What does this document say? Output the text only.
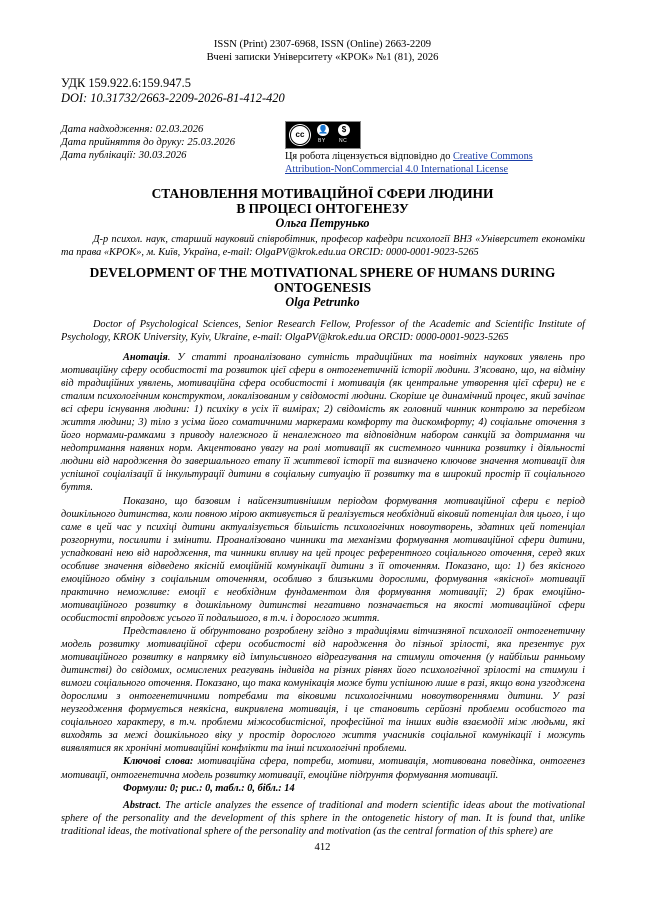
ISSN (Print) 2307-6968, ISSN (Online) 2663-2209
Вчені записки Університету «КРОК» №1 (81), 2026
УДК 159.922.6:159.947.5
DOI: 10.31732/2663-2209-2026-81-412-420
Дата надходження: 02.03.2026
Дата прийняття до друку: 25.03.2026
Дата публікації: 30.03.2026
cc
👤	$
BY	NC
Ця робота ліцензується відповідно до Creative Commons
Attribution-NonCommercial 4.0 International License
СТАНОВЛЕННЯ МОТИВАЦІЙНОЇ СФЕРИ ЛЮДИНИ
В ПРОЦЕСІ ОНТОГЕНЕЗУ
Ольга Петрунько
Д-р психол. наук, старший науковий співробітник, професор кафедри психології ВНЗ «Університет економіки та права «КРОК», м. Київ, Україна, e-mail: OlgaPV@krok.edu.ua ORCID: 0000-0001-9023-5265
DEVELOPMENT OF THE MOTIVATIONAL SPHERE OF HUMANS DURING
ONTOGENESIS
Olga Petrunko
Doctor of Psychological Sciences, Senior Research Fellow, Professor of the Academic and Scientific Institute of Psychology, KROK University, Kyiv, Ukraine, e-mail: OlgaPV@krok.edu.ua ORCID: 0000-0001-9023-5265

Анотація. У статті проаналізовано сутність традиційних та новітніх наукових уявлень про мотиваційну сферу особистості та розвиток цієї сфери в онтогенетичній історії людини. З'ясовано, що, на відміну від традиційних уявлень, мотиваційна сфера особистості і мотивація (як центральне утворення цієї сфери) не є сталим психологічним конструктом, локалізованим у свідомості людини. Скоріше це динамічний процес, який зачіпає всі сфери існування людини: 1) психіку в усіх її вимірах; 2) свідомість як головний чинник контролю за перебігом життя людини; 3) тіло з усіма його соматичними маркерами комфорту та дискомфорту; 4) соціальне оточення з його нормами-рамками з приводу належного й неналежного та відповідним набором санкцій за дотримання чи недотримання наявних норм. Акцентовано увагу на ролі мотивації як системного чинника розвитку і діяльності людини від народження до завершального етапу її життєвої історії та визначено ключове значення мотивації для успішної соціалізації й інкультурації дитини в соціальну ситуацію її розвитку та в широкий простір її соціального буття.

Показано, що базовим і найсензитивнішим періодом формування мотиваційної сфери є період дошкільного дитинства, коли повною мірою активується й реалізується необхідний віковий потенціал для цього, і що саме в цей час у психіці дитини актуалізується більшість психологічних новоутворень, здатних цей потенціал розгорнути, посилити і змінити. Проаналізовано чинники та механізми формування мотиваційної сфери дитини, успадковані нею від народження, та чинники впливу на цей процес референтного соціального оточення, серед яких особливе значення відведено якісній емоційній комунікації дитини з її оточенням. Показано, що: 1) без якісного емоційного обміну з соціальним оточенням, особливо з близькими дорослими, формування «якісної» мотивації практично неможливе: емоції є необхідним фундаментом для формування мотивації; 2) брак емоційно-мотиваційного розвитку в дошкільному дитинстві негативно позначається на якості мотиваційної сфери особистості впродовж усього її подальшого, в т.ч. і дорослого життя.

Представлено й обґрунтовано розроблену згідно з традиціями вітчизняної психології онтогенетичну модель розвитку мотиваційної сфери особистості від народження до пізньої зрілості, яка презентує рух мотиваційного розвитку в напрямку від імпульсивного відреагування на стимули оточення (у найбільш ранньому дитинстві) до свідомих, осмислених реагувань індивіда на різних рівнях його психологічної зрілості на стимули і вимоги соціального оточення. Показано, що така комунікація може бути успішною лише в разі, якщо вона узгоджена дорослими з онтогенетичними потребами та віковими психологічними новоутвореннями дитини. У разі неузгодження формується неякісна, викривлена мотивація, і це становить серйозні проблеми особистого та соціального характеру, в т.ч. проблеми міжособистісної, професійної та інших видів взаємодії між людьми, які виходять за межі дошкільного віку у простір дорослого життя учасників соціальної комунікації і можуть виявлятися як хронічні мотиваційні конфлікти та інші психологічні проблеми.

Ключові слова: мотиваційна сфера, потреби, мотиви, мотивація, мотивована поведінка, онтогенез мотивації, онтогенетична модель розвитку мотивації, емоційне підґрунтя формування мотивації.

Формули: 0; рис.: 0, табл.: 0, бібл.: 14

Abstract. The article analyzes the essence of traditional and modern scientific ideas about the motivational sphere of the personality and the development of this sphere in the ontogenetic history of man. It is found that, unlike traditional ideas, the motivational sphere of the personality and motivation (as the central formation of this sphere) are

412
